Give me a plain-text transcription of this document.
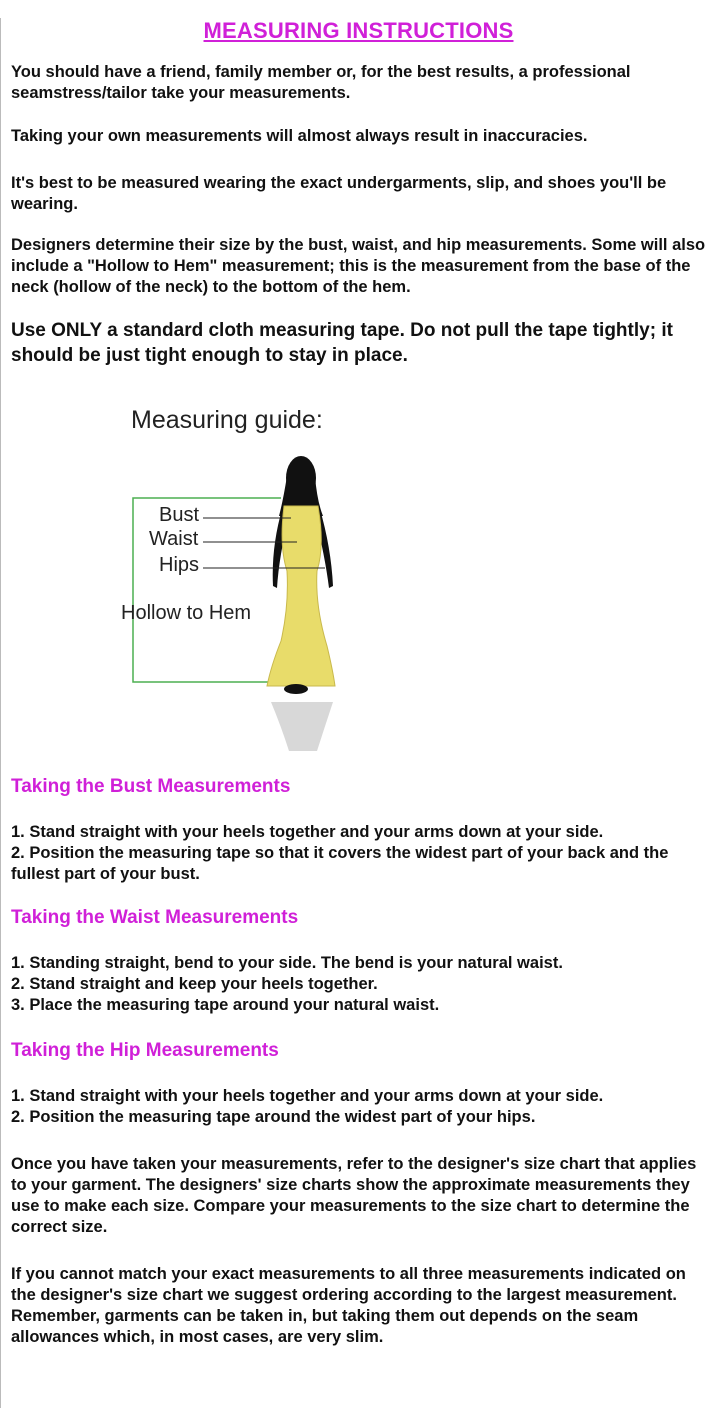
MEASURING INSTRUCTIONS

You should have a friend, family member or, for the best results, a professional seamstress/tailor take your measurements.

Taking your own measurements will almost always result in inaccuracies.

It's best to be measured wearing the exact undergarments, slip, and shoes you'll be wearing.

Designers determine their size by the bust, waist, and hip measurements. Some will also include a "Hollow to Hem" measurement; this is the measurement from the base of the neck (hollow of the neck) to the bottom of the hem.

Use ONLY a standard cloth measuring tape. Do not pull the tape tightly; it should be just tight enough to stay in place.

Measuring guide:
Bust
Waist
Hips
Hollow to Hem
Taking the Bust Measurements
1. Stand straight with your heels together and your arms down at your side.
2. Position the measuring tape so that it covers the widest part of your back and the fullest part of your bust.
Taking the Waist Measurements
1. Standing straight, bend to your side. The bend is your natural waist.
2. Stand straight and keep your heels together.
3. Place the measuring tape around your natural waist.
Taking the Hip Measurements
1. Stand straight with your heels together and your arms down at your side.
2. Position the measuring tape around the widest part of your hips.

Once you have taken your measurements, refer to the designer's size chart that applies to your garment. The designers' size charts show the approximate measurements they use to make each size. Compare your measurements to the size chart to determine the correct size.

If you cannot match your exact measurements to all three measurements indicated on the designer's size chart we suggest ordering according to the largest measurement. Remember, garments can be taken in, but taking them out depends on the seam allowances which, in most cases, are very slim.
